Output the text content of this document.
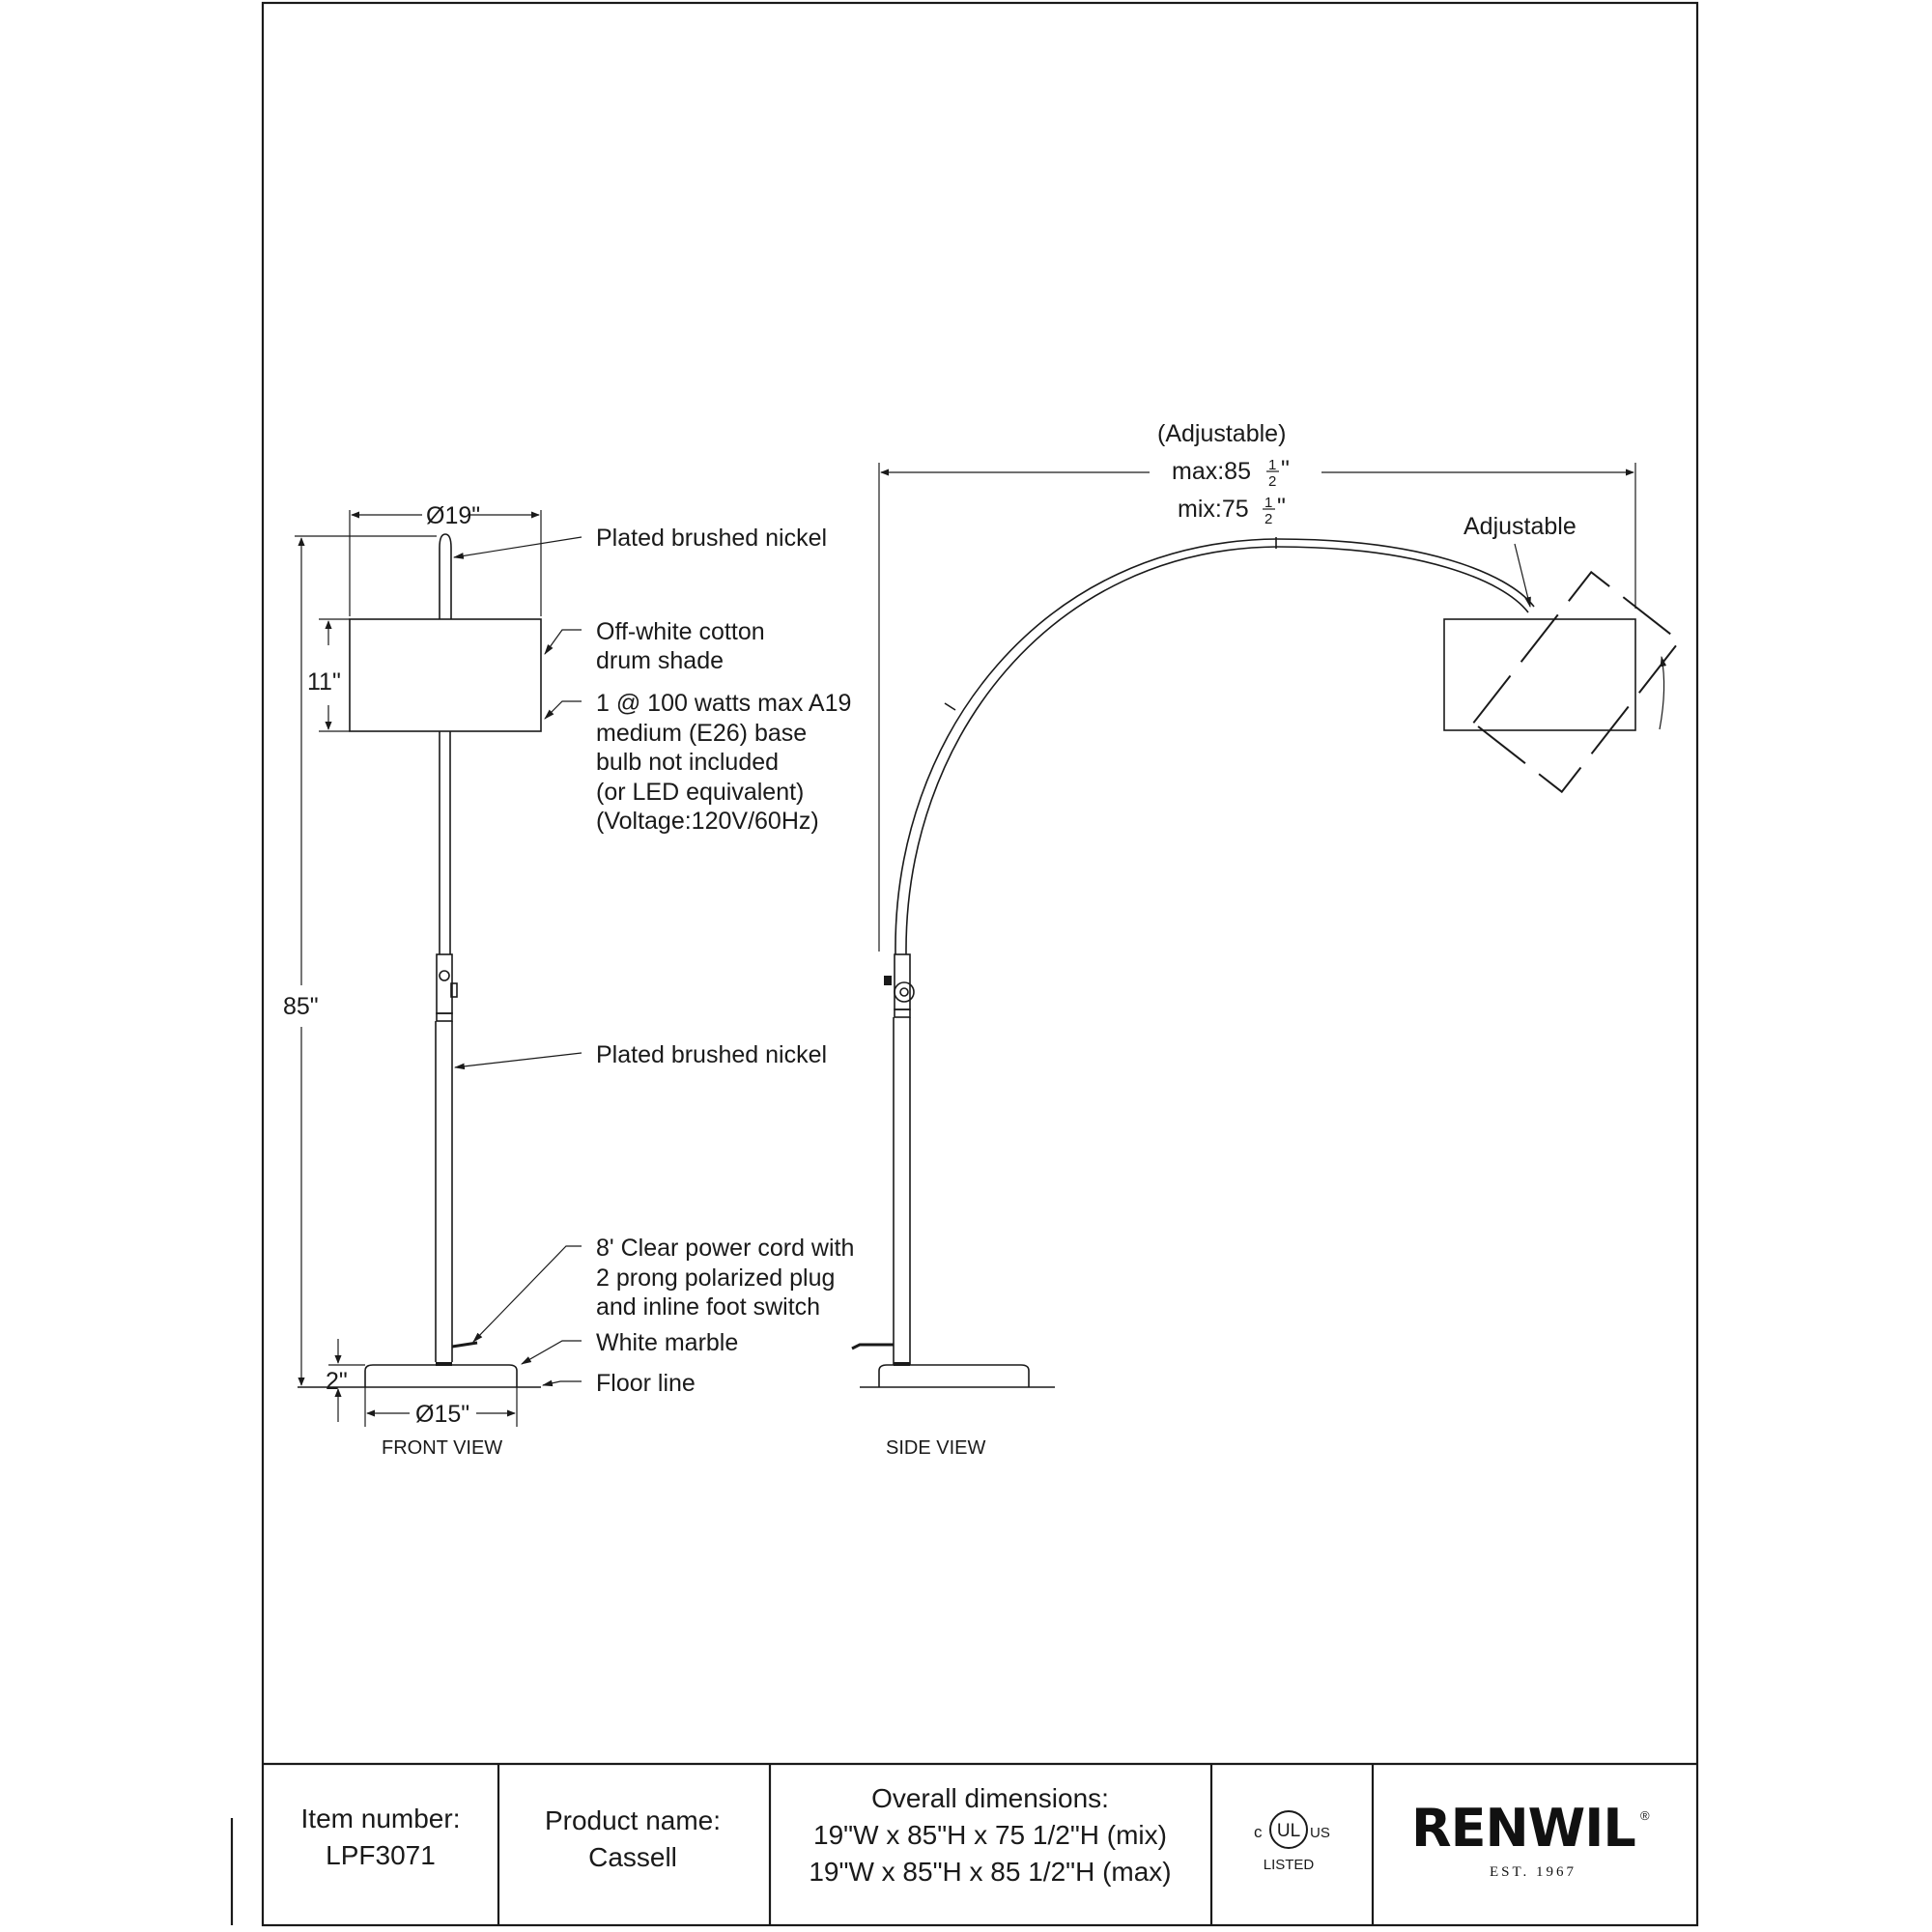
Ø19"
11"
85"
2"
Ø15"
FRONT VIEW
Plated brushed nickel
Off-white cotton
drum shade
1 @ 100 watts max A19
medium (E26) base
bulb not included
(or LED equivalent)
(Voltage:120V/60Hz)
Plated brushed nickel
8' Clear power cord with
2 prong polarized plug
and inline foot switch
White marble
Floor line
(Adjustable)
max:85 1
2 "
mix:75 1
2 "
Adjustable
SIDE VIEW
Item number:
LPF3071
Product name:
Cassell
Overall dimensions:
19"W x 85"H x 75 1/2"H (mix)
19"W x 85"H x 85 1/2"H (max)
c UL US
LISTED
RENWIL ®
EST. 1967
